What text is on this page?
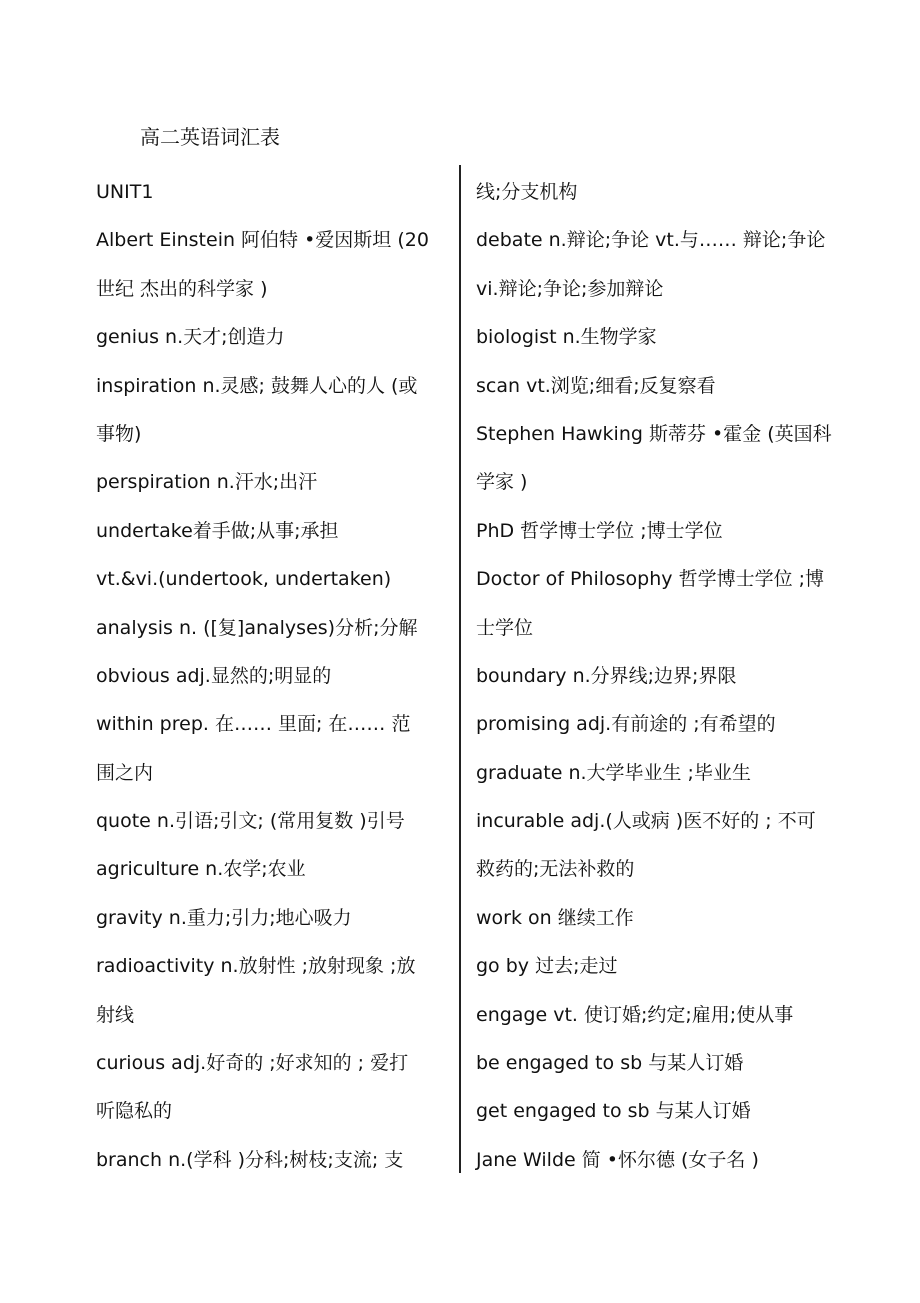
高二英语词汇表
UNIT1
Albert Einstein 阿伯特 •爱因斯坦 (20
世纪 杰出的科学家 )
genius n.天才;创造力
inspiration n.灵感; 鼓舞人心的人 (或
事物)
perspiration n.汗水;出汗
undertake着手做;从事;承担
vt.&vi.(undertook, undertaken)
analysis n. ([复]analyses)分析;分解
obvious adj.显然的;明显的
within prep. 在…… 里面; 在…… 范
围之内
quote n.引语;引文; (常用复数 )引号
agriculture n.农学;农业
gravity n.重力;引力;地心吸力
radioactivity n.放射性 ;放射现象 ;放
射线
curious adj.好奇的 ;好求知的 ; 爱打
听隐私的
branch n.(学科 )分科;树枝;支流; 支
线;分支机构
debate n.辩论;争论 vt.与…… 辩论;争论
vi.辩论;争论;参加辩论
biologist n.生物学家
scan vt.浏览;细看;反复察看
Stephen Hawking 斯蒂芬 •霍金 (英国科
学家 )
PhD 哲学博士学位 ;博士学位
Doctor of Philosophy 哲学博士学位 ;博
士学位
boundary n.分界线;边界;界限
promising adj.有前途的 ;有希望的
graduate n.大学毕业生 ;毕业生
incurable adj.(人或病 )医不好的 ; 不可
救药的;无法补救的
work on 继续工作
go by 过去;走过
engage vt. 使订婚;约定;雇用;使从事
be engaged to sb 与某人订婚
get engaged to sb 与某人订婚
Jane Wilde 简 •怀尔德 (女子名 )
